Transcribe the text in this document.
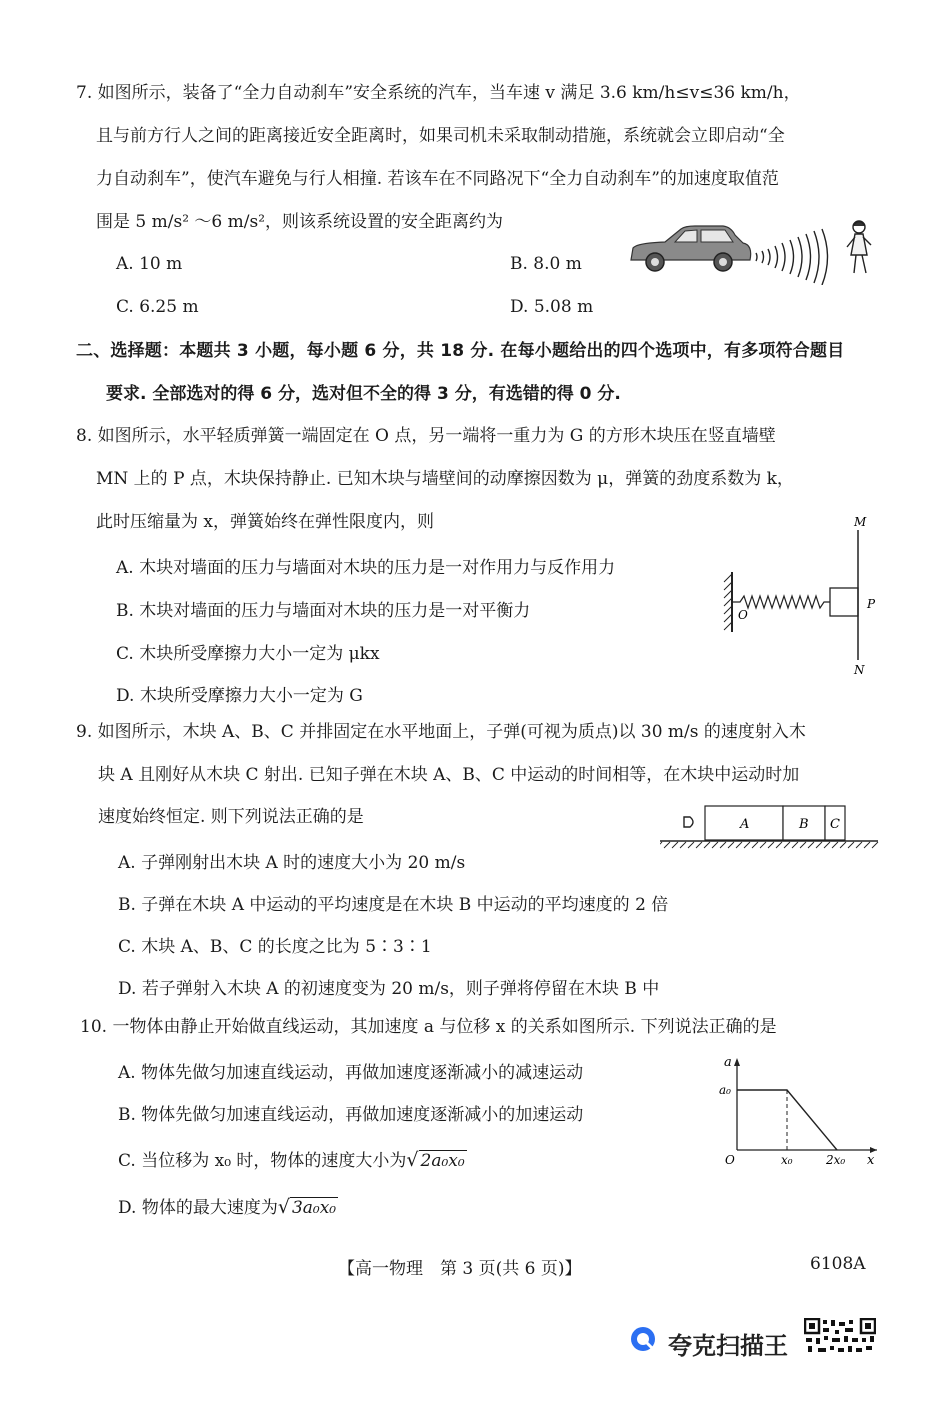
7. 如图所示，装备了“全力自动刹车”安全系统的汽车，当车速 v 满足 3.6 km/h≤v≤36 km/h，
且与前方行人之间的距离接近安全距离时，如果司机未采取制动措施，系统就会立即启动“全
力自动刹车”，使汽车避免与行人相撞. 若该车在不同路况下“全力自动刹车”的加速度取值范
围是 5 m/s² ～6 m/s²，则该系统设置的安全距离约为
A. 10 m	B. 8.0 m
C. 6.25 m	D. 5.08 m
二、选择题：本题共 3 小题，每小题 6 分，共 18 分. 在每小题给出的四个选项中，有多项符合题目
要求. 全部选对的得 6 分，选对但不全的得 3 分，有选错的得 0 分.
8. 如图所示，水平轻质弹簧一端固定在 O 点，另一端将一重力为 G 的方形木块压在竖直墙壁
MN 上的 P 点，木块保持静止. 已知木块与墙壁间的动摩擦因数为 μ，弹簧的劲度系数为 k，
此时压缩量为 x，弹簧始终在弹性限度内，则
A. 木块对墙面的压力与墙面对木块的压力是一对作用力与反作用力
B. 木块对墙面的压力与墙面对木块的压力是一对平衡力
C. 木块所受摩擦力大小一定为 μkx
D. 木块所受摩擦力大小一定为 G
M
N
O
P
9. 如图所示，木块 A、B、C 并排固定在水平地面上，子弹(可视为质点)以 30 m/s 的速度射入木
块 A 且刚好从木块 C 射出. 已知子弹在木块 A、B、C 中运动的时间相等，在木块中运动时加
速度始终恒定. 则下列说法正确的是
A. 子弹刚射出木块 A 时的速度大小为 20 m/s
B. 子弹在木块 A 中运动的平均速度是在木块 B 中运动的平均速度的 2 倍
C. 木块 A、B、C 的长度之比为 5∶3∶1
D. 若子弹射入木块 A 的初速度变为 20 m/s，则子弹将停留在木块 B 中
A	B C
10. 一物体由静止开始做直线运动，其加速度 a 与位移 x 的关系如图所示. 下列说法正确的是
A. 物体先做匀加速直线运动，再做加速度逐渐减小的减速运动
B. 物体先做匀加速直线运动，再做加速度逐渐减小的加速运动
C. 当位移为 x₀ 时，物体的速度大小为√ 2a₀x₀
D. 物体的最大速度为√ 3a₀x₀
a
a₀
O	x₀	2x₀ x
【高一物理　第 3 页(共 6 页)】	6108A
夸克扫描王
